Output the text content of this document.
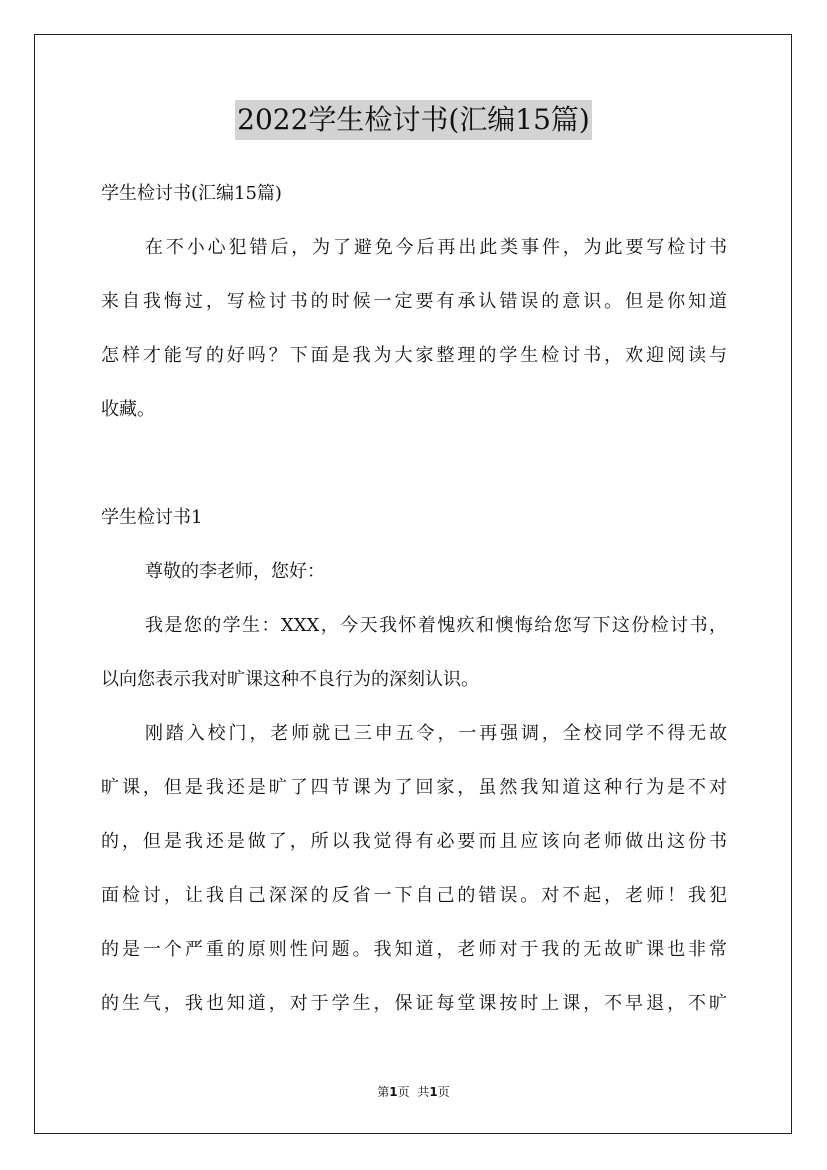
2022学生检讨书(汇编15篇)
学生检讨书(汇编15篇)
在不小心犯错后，为了避免今后再出此类事件，为此要写检讨书
来自我悔过，写检讨书的时候一定要有承认错误的意识。但是你知道
怎样才能写的好吗？下面是我为大家整理的学生检讨书，欢迎阅读与
收藏。
学生检讨书1
尊敬的李老师，您好：
我是您的学生：XXX，今天我怀着愧疚和懊悔给您写下这份检讨书，
以向您表示我对旷课这种不良行为的深刻认识。
刚踏入校门，老师就已三申五令，一再强调，全校同学不得无故
旷课，但是我还是旷了四节课为了回家，虽然我知道这种行为是不对
的，但是我还是做了，所以我觉得有必要而且应该向老师做出这份书
面检讨，让我自己深深的反省一下自己的错误。对不起，老师！我犯
的是一个严重的原则性问题。我知道，老师对于我的无故旷课也非常
的生气，我也知道，对于学生，保证每堂课按时上课，不早退，不旷
第1页 共1页
